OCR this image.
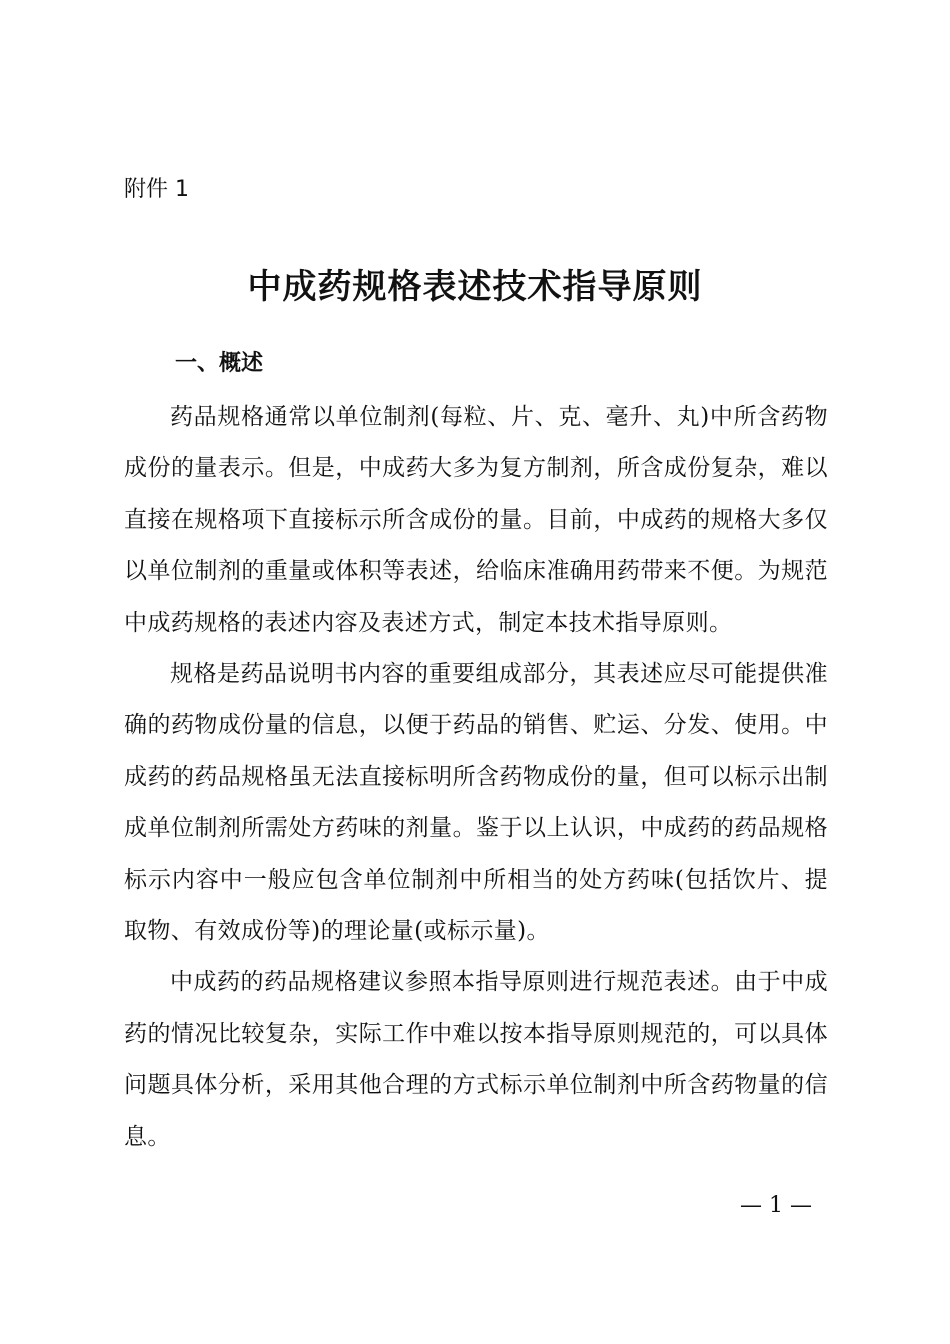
附件 1

中成药规格表述技术指导原则
一、概述

药品规格通常以单位制剂(每粒、片、克、毫升、丸)中所含药物成份的量表示。但是，中成药大多为复方制剂，所含成份复杂，难以直接在规格项下直接标示所含成份的量。目前，中成药的规格大多仅以单位制剂的重量或体积等表述，给临床准确用药带来不便。为规范中成药规格的表述内容及表述方式，制定本技术指导原则。

规格是药品说明书内容的重要组成部分，其表述应尽可能提供准确的药物成份量的信息，以便于药品的销售、贮运、分发、使用。中成药的药品规格虽无法直接标明所含药物成份的量，但可以标示出制成单位制剂所需处方药味的剂量。鉴于以上认识，中成药的药品规格标示内容中一般应包含单位制剂中所相当的处方药味(包括饮片、提取物、有效成份等)的理论量(或标示量)。

中成药的药品规格建议参照本指导原则进行规范表述。由于中成药的情况比较复杂，实际工作中难以按本指导原则规范的，可以具体问题具体分析，采用其他合理的方式标示单位制剂中所含药物量的信息。

— 1 —
